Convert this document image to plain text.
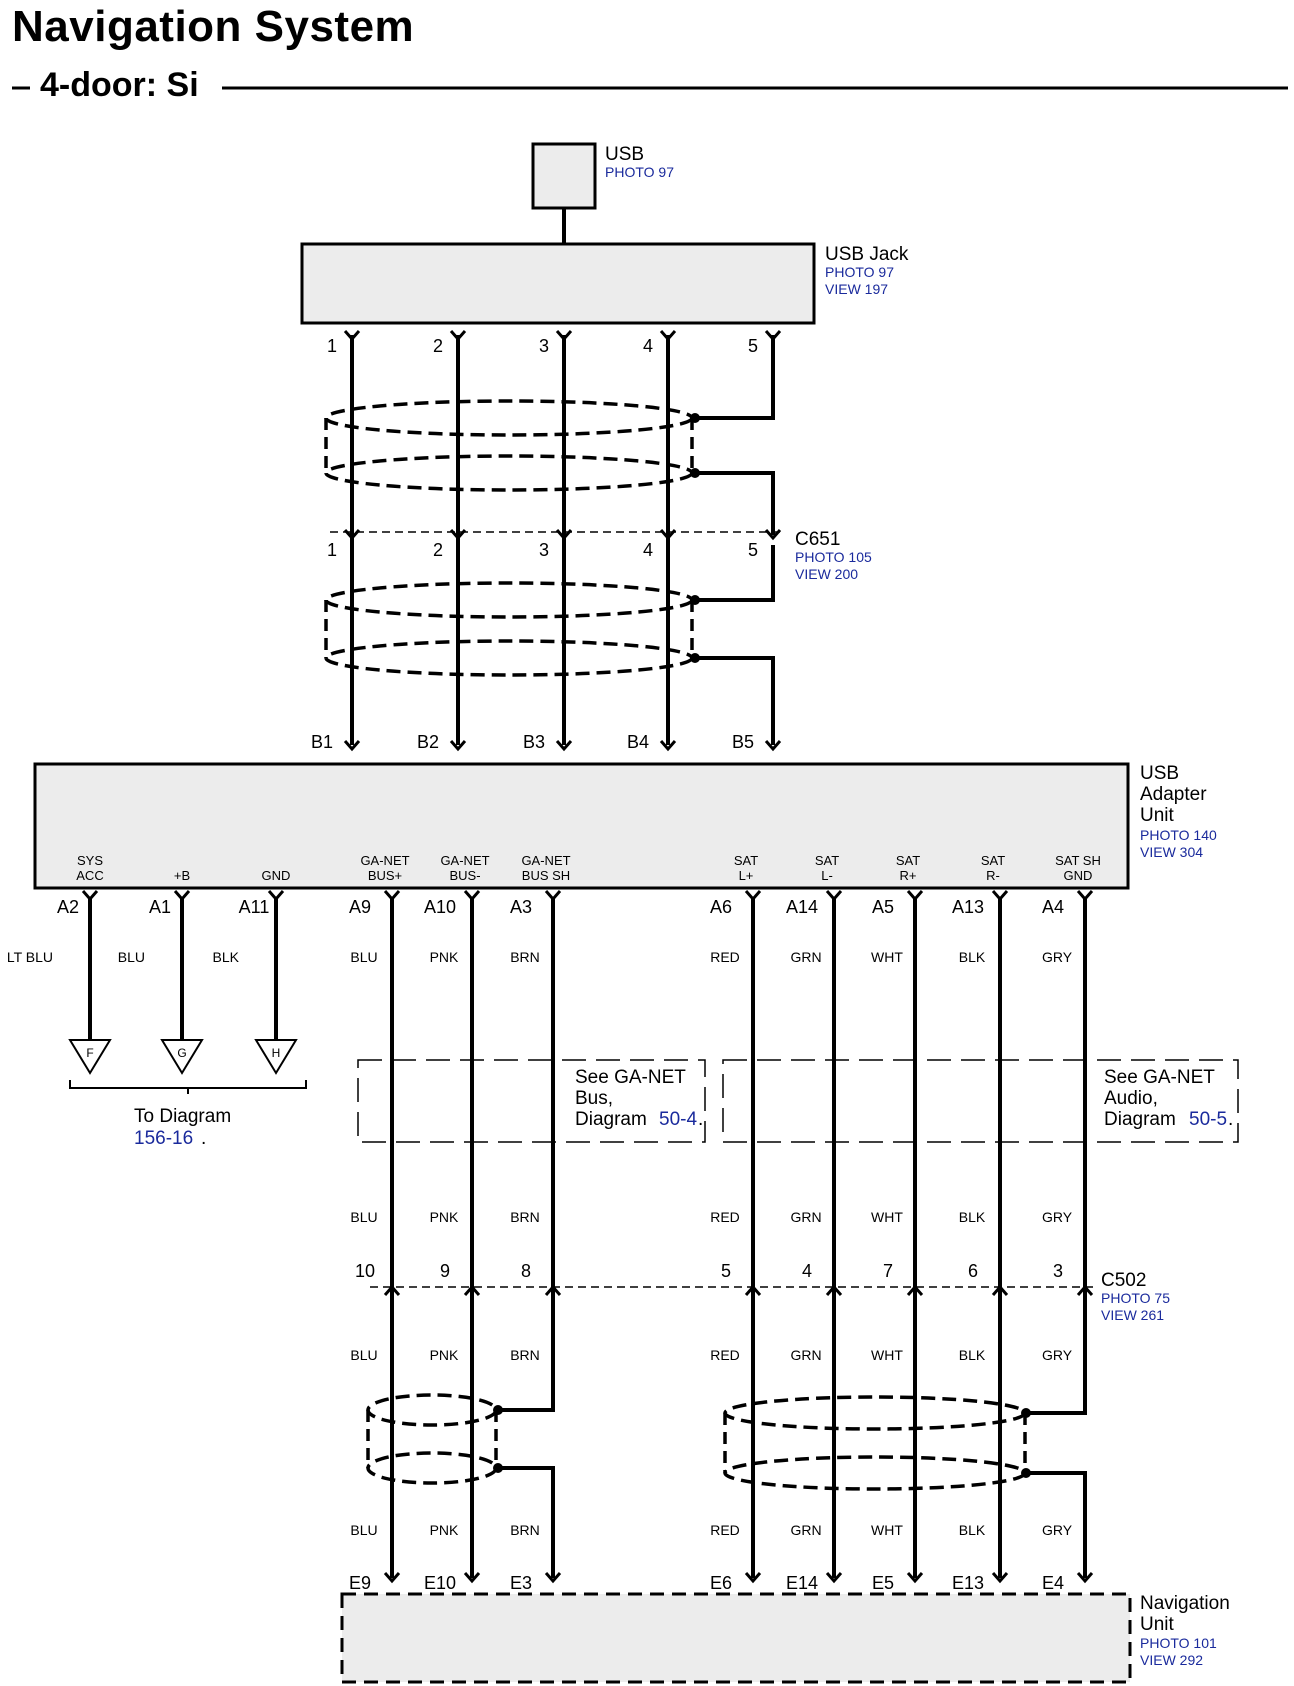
Navigation System
4-door: Si
USB
PHOTO 97
USB Jack
PHOTO 97
VIEW 197
1
1
B1
2
2
B2
3
3
B3
4
4
B4
5
5
B5
C651
PHOTO 105
VIEW 200
USB
Adapter
Unit
PHOTO 140
VIEW 304
SYS
ACC
A2
LT BLU
F
+B
A1
BLU
G
GND
A11
BLK
H
To Diagram
156-16 .
GA-NET
BUS+
A9
BLU
BLU
BLU
BLU
10
E9
GA-NET
BUS-
A10
PNK
PNK
PNK
PNK
9
E10
GA-NET
BUS SH
A3
BRN
BRN
BRN
BRN
8
E3
SAT
L+
A6
RED
RED
RED
RED
5
E6
SAT
L-
A14
GRN
GRN
GRN
GRN
4
E14
SAT
R+
A5
WHT
WHT
WHT
WHT
7
E5
SAT
R-
A13
BLK
BLK
BLK
BLK
6
E13
SAT SH
GND
A4
GRY
GRY
GRY
GRY
3
E4
See GA-NET
Bus,
Diagram 50-4 .
See GA-NET
Audio,
Diagram 50-5 .
C502
PHOTO 75
VIEW 261
Navigation
Unit
PHOTO 101
VIEW 292
